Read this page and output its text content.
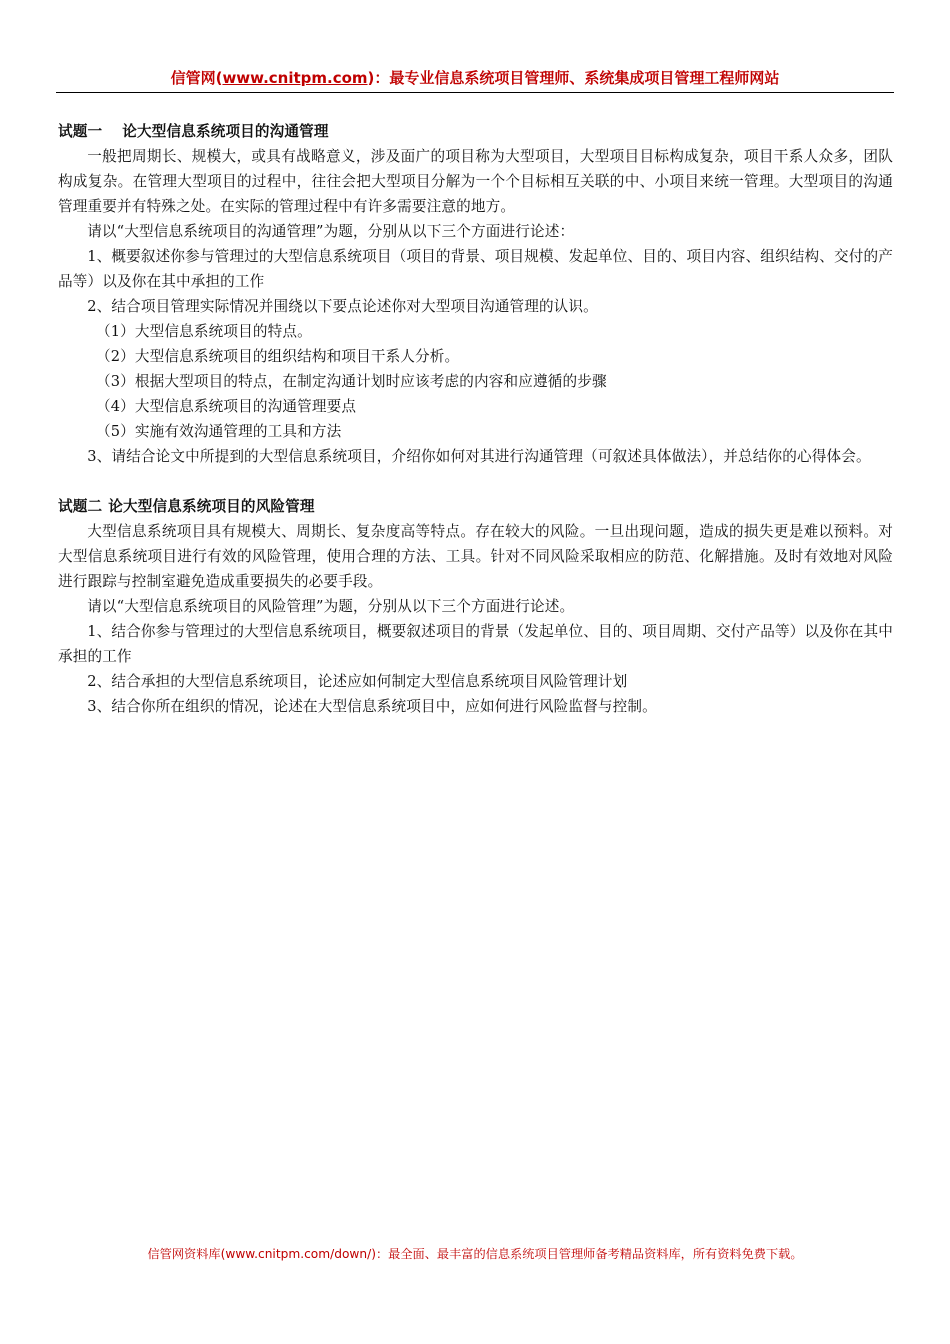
信管网(www.cnitpm.com)：最专业信息系统项目管理师、系统集成项目管理工程师网站

试题一 论大型信息系统项目的沟通管理

一般把周期长、规模大，或具有战略意义，涉及面广的项目称为大型项目，大型项目目标构成复杂，项目干系人众多，团队构成复杂。在管理大型项目的过程中，往往会把大型项目分解为一个个目标相互关联的中、小项目来统一管理。大型项目的沟通管理重要并有特殊之处。在实际的管理过程中有许多需要注意的地方。

请以“大型信息系统项目的沟通管理”为题，分别从以下三个方面进行论述：

1、概要叙述你参与管理过的大型信息系统项目（项目的背景、项目规模、发起单位、目的、项目内容、组织结构、交付的产品等）以及你在其中承担的工作

2、结合项目管理实际情况并围绕以下要点论述你对大型项目沟通管理的认识。

（1）大型信息系统项目的特点。

（2）大型信息系统项目的组织结构和项目干系人分析。

（3）根据大型项目的特点，在制定沟通计划时应该考虑的内容和应遵循的步骤

（4）大型信息系统项目的沟通管理要点

（5）实施有效沟通管理的工具和方法

3、请结合论文中所提到的大型信息系统项目，介绍你如何对其进行沟通管理（可叙述具体做法），并总结你的心得体会。

试题二 论大型信息系统项目的风险管理

大型信息系统项目具有规模大、周期长、复杂度高等特点。存在较大的风险。一旦出现问题，造成的损失更是难以预料。对大型信息系统项目进行有效的风险管理，使用合理的方法、工具。针对不同风险采取相应的防范、化解措施。及时有效地对风险进行跟踪与控制室避免造成重要损失的必要手段。

请以“大型信息系统项目的风险管理”为题，分别从以下三个方面进行论述。

1、结合你参与管理过的大型信息系统项目，概要叙述项目的背景（发起单位、目的、项目周期、交付产品等）以及你在其中承担的工作

2、结合承担的大型信息系统项目，论述应如何制定大型信息系统项目风险管理计划

3、结合你所在组织的情况，论述在大型信息系统项目中，应如何进行风险监督与控制。

信管网资料库(www.cnitpm.com/down/)：最全面、最丰富的信息系统项目管理师备考精品资料库，所有资料免费下载。
